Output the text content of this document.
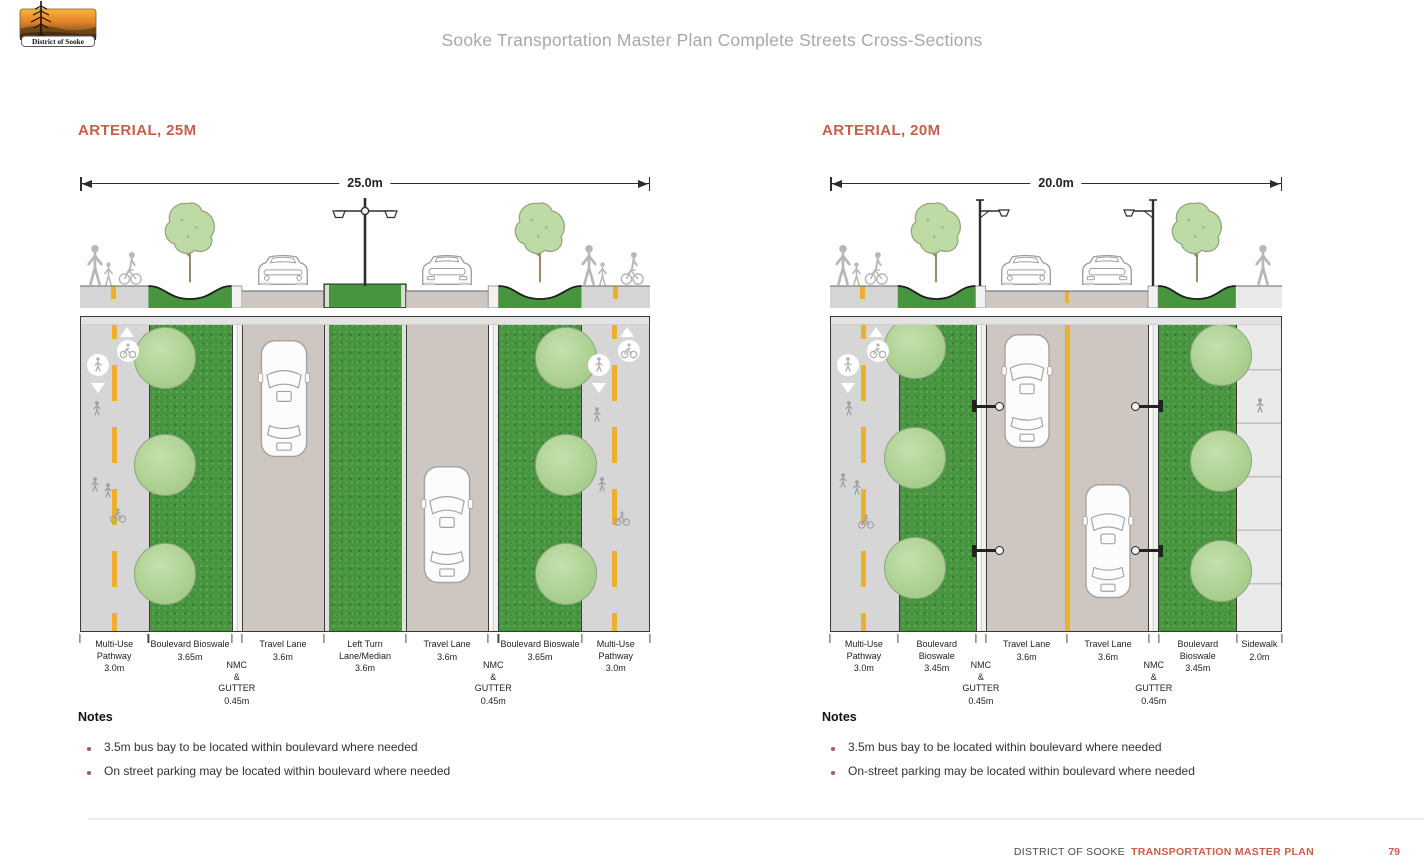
District of Sooke	Sooke Transportation Master Plan Complete Streets Cross-Sections
ARTERIAL, 25M
25.0m
Multi-Use Pathway
3.0m
Boulevard Bioswale
3.65m
NMC
&
GUTTER
0.45m
Travel Lane
3.6m
Left Turn Lane/Median
3.6m
Travel Lane
3.6m
NMC
&
GUTTER
0.45m
Boulevard Bioswale
3.65m
Multi-Use Pathway
3.0m
Notes
3.5m bus bay to be located within boulevard where needed
On street parking may be located within boulevard where needed
ARTERIAL, 20M
20.0m
Multi-Use Pathway
3.0m
Boulevard Bioswale
3.45m	NMC
&
GUTTER
0.45m
Travel Lane
3.6m
Travel Lane
3.6m
NMC
&
GUTTER
0.45m
Boulevard Bioswale
3.45m
Sidewalk
2.0m
Notes
3.5m bus bay to be located within boulevard where needed
On-street parking may be located within boulevard where needed
DISTRICT OF SOOKE TRANSPORTATION MASTER PLAN	79
